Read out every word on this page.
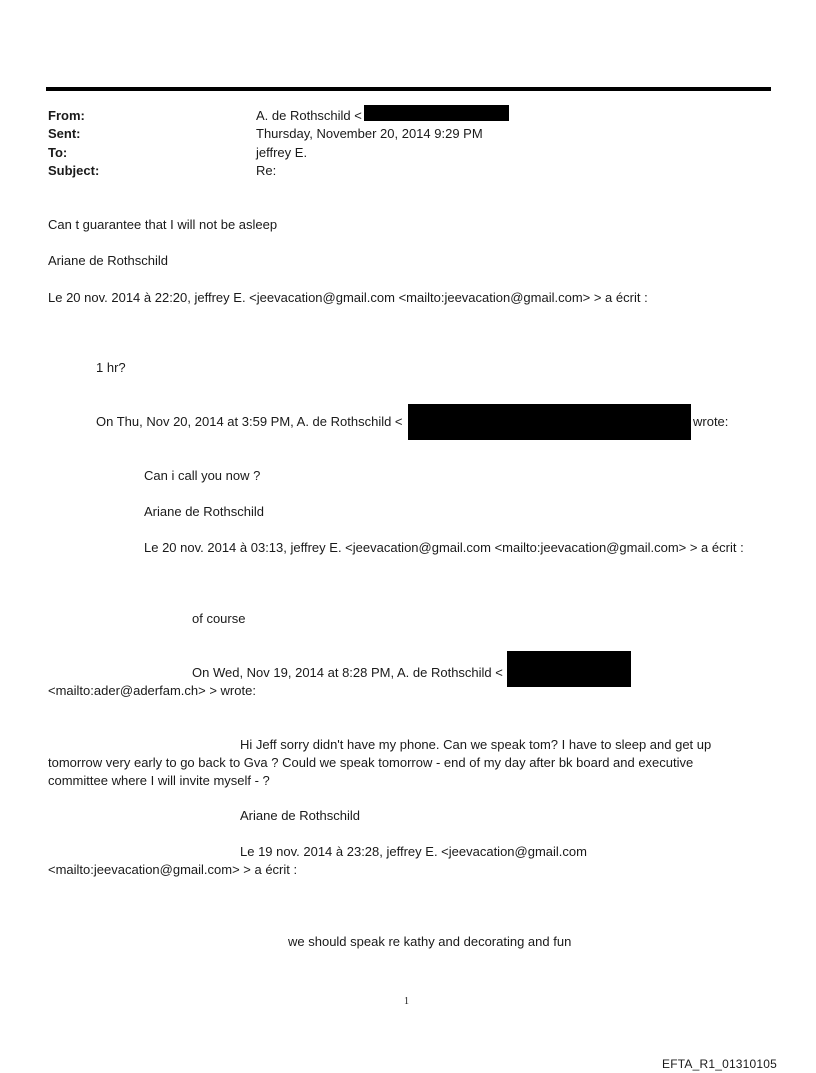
From:	A. de Rothschild <
Sent:	Thursday, November 20, 2014 9:29 PM
To:	jeffrey E.
Subject:	Re:
Can t guarantee that I will not be asleep
Ariane de Rothschild
Le 20 nov. 2014 à 22:20, jeffrey E. <jeevacation@gmail.com <mailto:jeevacation@gmail.com> > a écrit :
1 hr?
On Thu, Nov 20, 2014 at 3:59 PM, A. de Rothschild <	wrote:
Can i call you now ?
Ariane de Rothschild
Le 20 nov. 2014 à 03:13, jeffrey E. <jeevacation@gmail.com <mailto:jeevacation@gmail.com> > a écrit :
of course
On Wed, Nov 19, 2014 at 8:28 PM, A. de Rothschild <
<mailto:ader@aderfam.ch> > wrote:
Hi Jeff sorry didn't have my phone. Can we speak tom? I have to sleep and get up
tomorrow very early to go back to Gva ? Could we speak tomorrow - end of my day after bk board and executive
committee where I will invite myself - ?
Ariane de Rothschild
Le 19 nov. 2014 à 23:28, jeffrey E. <jeevacation@gmail.com
<mailto:jeevacation@gmail.com> > a écrit :
we should speak re kathy and decorating and fun
1
EFTA_R1_01310105
